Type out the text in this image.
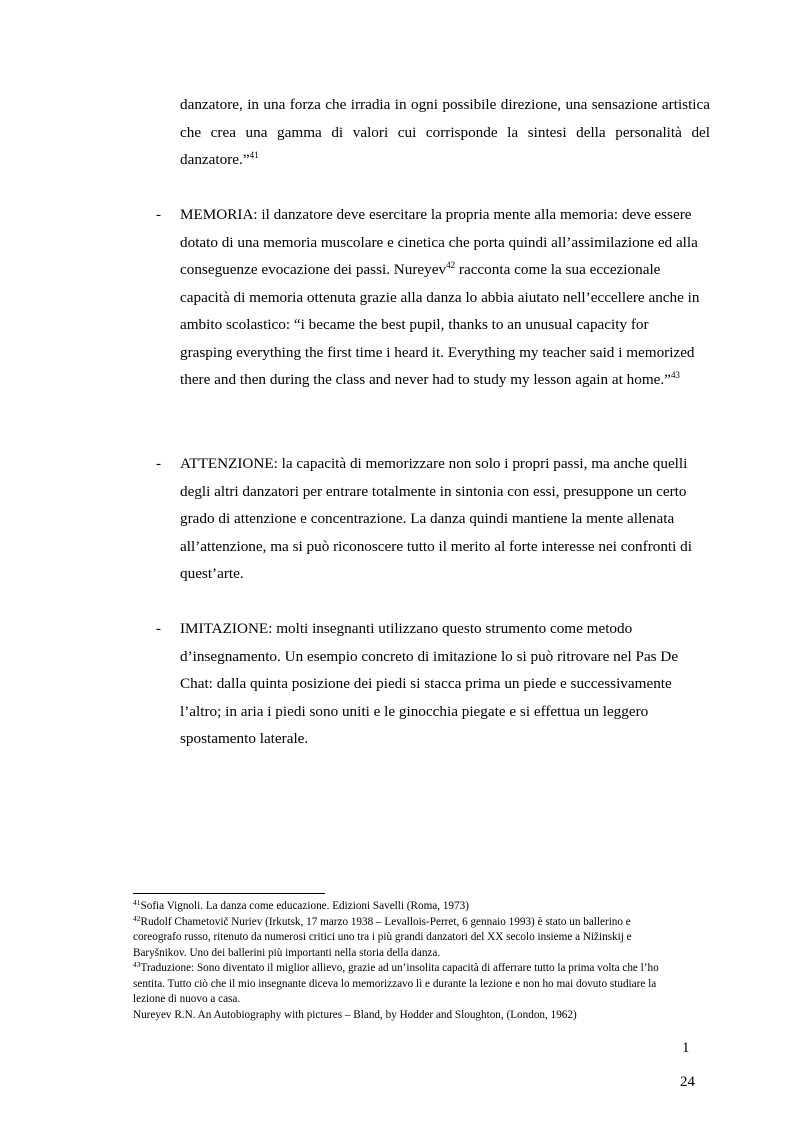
danzatore, in una forza che irradia in ogni possibile direzione, una sensazione artistica che crea una gamma di valori cui corrisponde la sintesi della personalità del danzatore.”$^{41}$
- MEMORIA: il danzatore deve esercitare la propria mente alla memoria: deve essere dotato di una memoria muscolare e cinetica che porta quindi all’assimilazione ed alla conseguenze evocazione dei passi. Nureyev$^{42}$ racconta come la sua eccezionale capacità di memoria ottenuta grazie alla danza lo abbia aiutato nell’eccellere anche in ambito scolastico: “i became the best pupil, thanks to an unusual capacity for grasping everything the first time i heard it. Everything my teacher said i memorized there and then during the class and never had to study my lesson again at home.”$^{43}$
- ATTENZIONE: la capacità di memorizzare non solo i propri passi, ma anche quelli degli altri danzatori per entrare totalmente in sintonia con essi, presuppone un certo grado di attenzione e concentrazione. La danza quindi mantiene la mente allenata all’attenzione, ma si può riconoscere tutto il merito al forte interesse nei confronti di quest’arte.
- IMITAZIONE: molti insegnanti utilizzano questo strumento come metodo d’insegnamento. Un esempio concreto di imitazione lo si può ritrovare nel Pas De Chat: dalla quinta posizione dei piedi si stacca prima un piede e successivamente l’altro; in aria i piedi sono uniti e le ginocchia piegate e si effettua un leggero spostamento laterale.

$^{41}$Sofia Vignoli. La danza come educazione. Edizioni Savelli (Roma, 1973)

$^{42}$Rudolf Chametovič Nuriev (Irkutsk, 17 marzo 1938 – Levallois-Perret, 6 gennaio 1993) è stato un ballerino e coreografo russo, ritenuto da numerosi critici uno tra i più grandi danzatori del XX secolo insieme a Nižinskij e Baryšnikov. Uno dei ballerini più importanti nella storia della danza.

$^{43}$Traduzione: Sono diventato il miglior allievo, grazie ad un’insolita capacità di afferrare tutto la prima volta che l’ho sentita. Tutto ciò che il mio insegnante diceva lo memorizzavo lì e durante la lezione e non ho mai dovuto studiare la lezione di nuovo a casa.

Nureyev R.N. An Autobiography with pictures – Bland, by Hodder and Sloughton, (London, 1962)

1
24
